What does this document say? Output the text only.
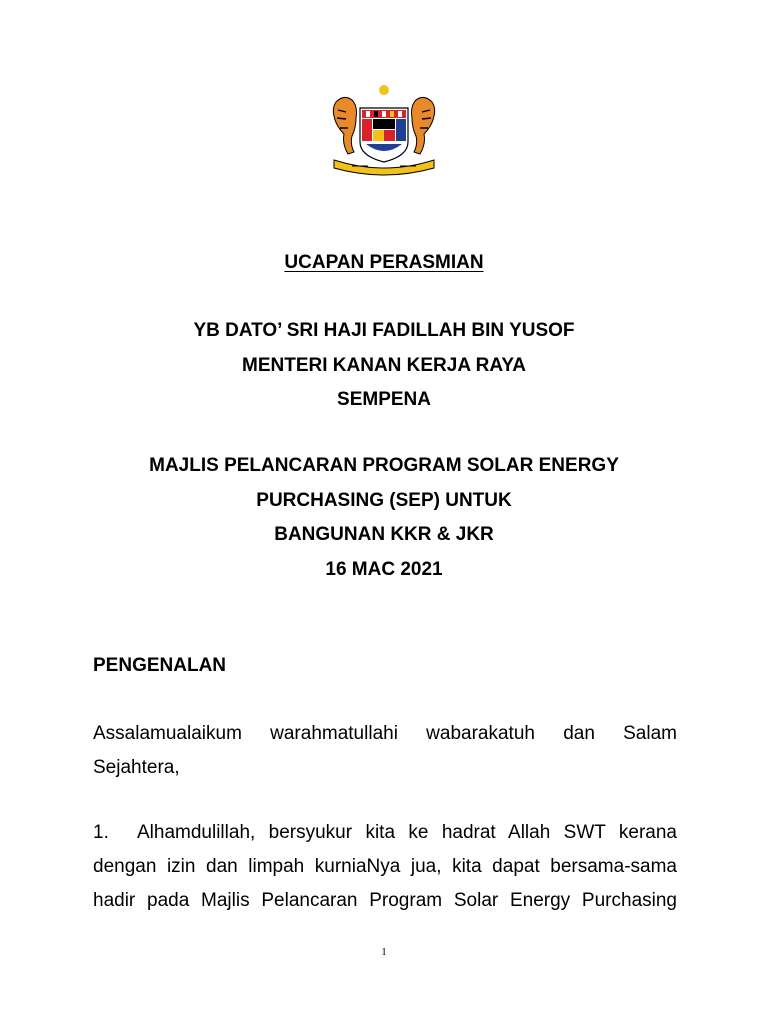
UCAPAN PERASMIAN
YB DATO’ SRI HAJI FADILLAH BIN YUSOF
MENTERI KANAN KERJA RAYA
SEMPENA
MAJLIS PELANCARAN PROGRAM SOLAR ENERGY
PURCHASING (SEP) UNTUK
BANGUNAN KKR & JKR
16 MAC 2021
PENGENALAN
Assalamualaikum warahmatullahi wabarakatuh dan Salam
Sejahtera,
1. Alhamdulillah, bersyukur kita ke hadrat Allah SWT kerana
dengan izin dan limpah kurniaNya jua, kita dapat bersama-sama
hadir pada Majlis Pelancaran Program Solar Energy Purchasing
1
